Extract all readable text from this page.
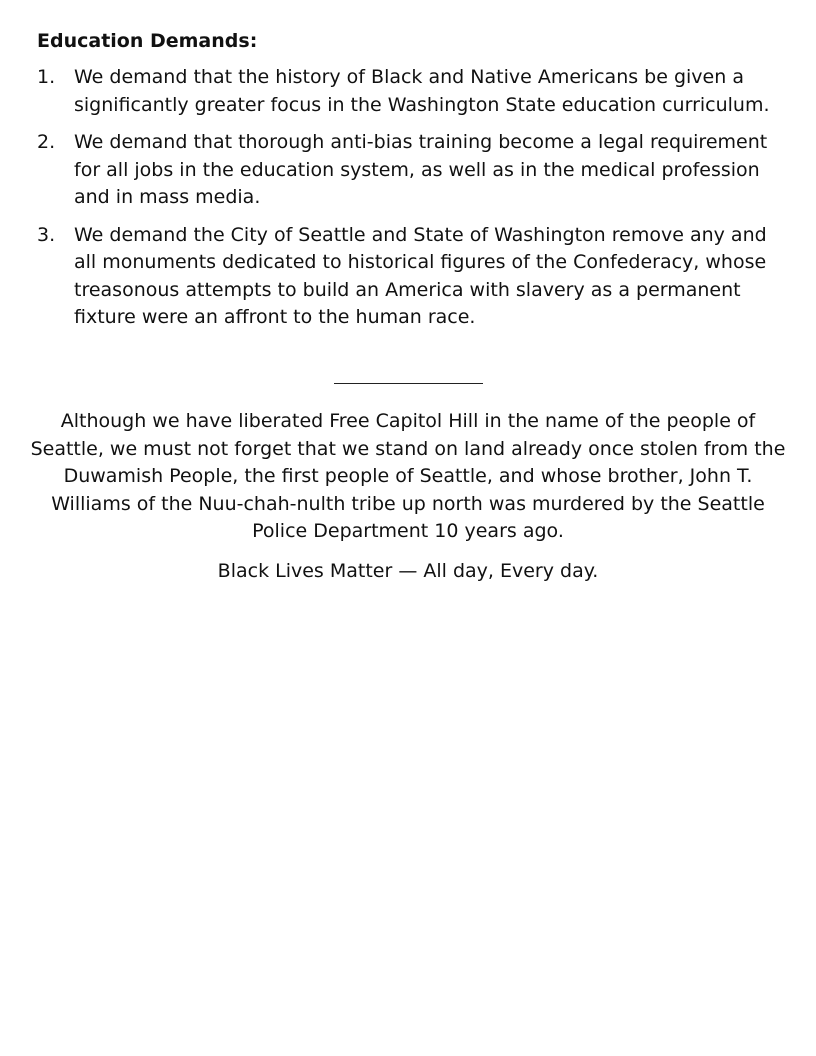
Education Demands:
1. We demand that the history of Black and Native Americans be given a significantly greater focus in the Washington State education curriculum.
2. We demand that thorough anti-bias training become a legal requirement for all jobs in the education system, as well as in the medical profession and in mass media.
3. We demand the City of Seattle and State of Washington remove any and all monuments dedicated to historical figures of the Confederacy, whose treasonous attempts to build an America with slavery as a permanent fixture were an affront to the human race.

Although we have liberated Free Capitol Hill in the name of the people of Seattle, we must not forget that we stand on land already once stolen from the Duwamish People, the first people of Seattle, and whose brother, John T. Williams of the Nuu-chah-nulth tribe up north was murdered by the Seattle Police Department 10 years ago.

Black Lives Matter — All day, Every day.
